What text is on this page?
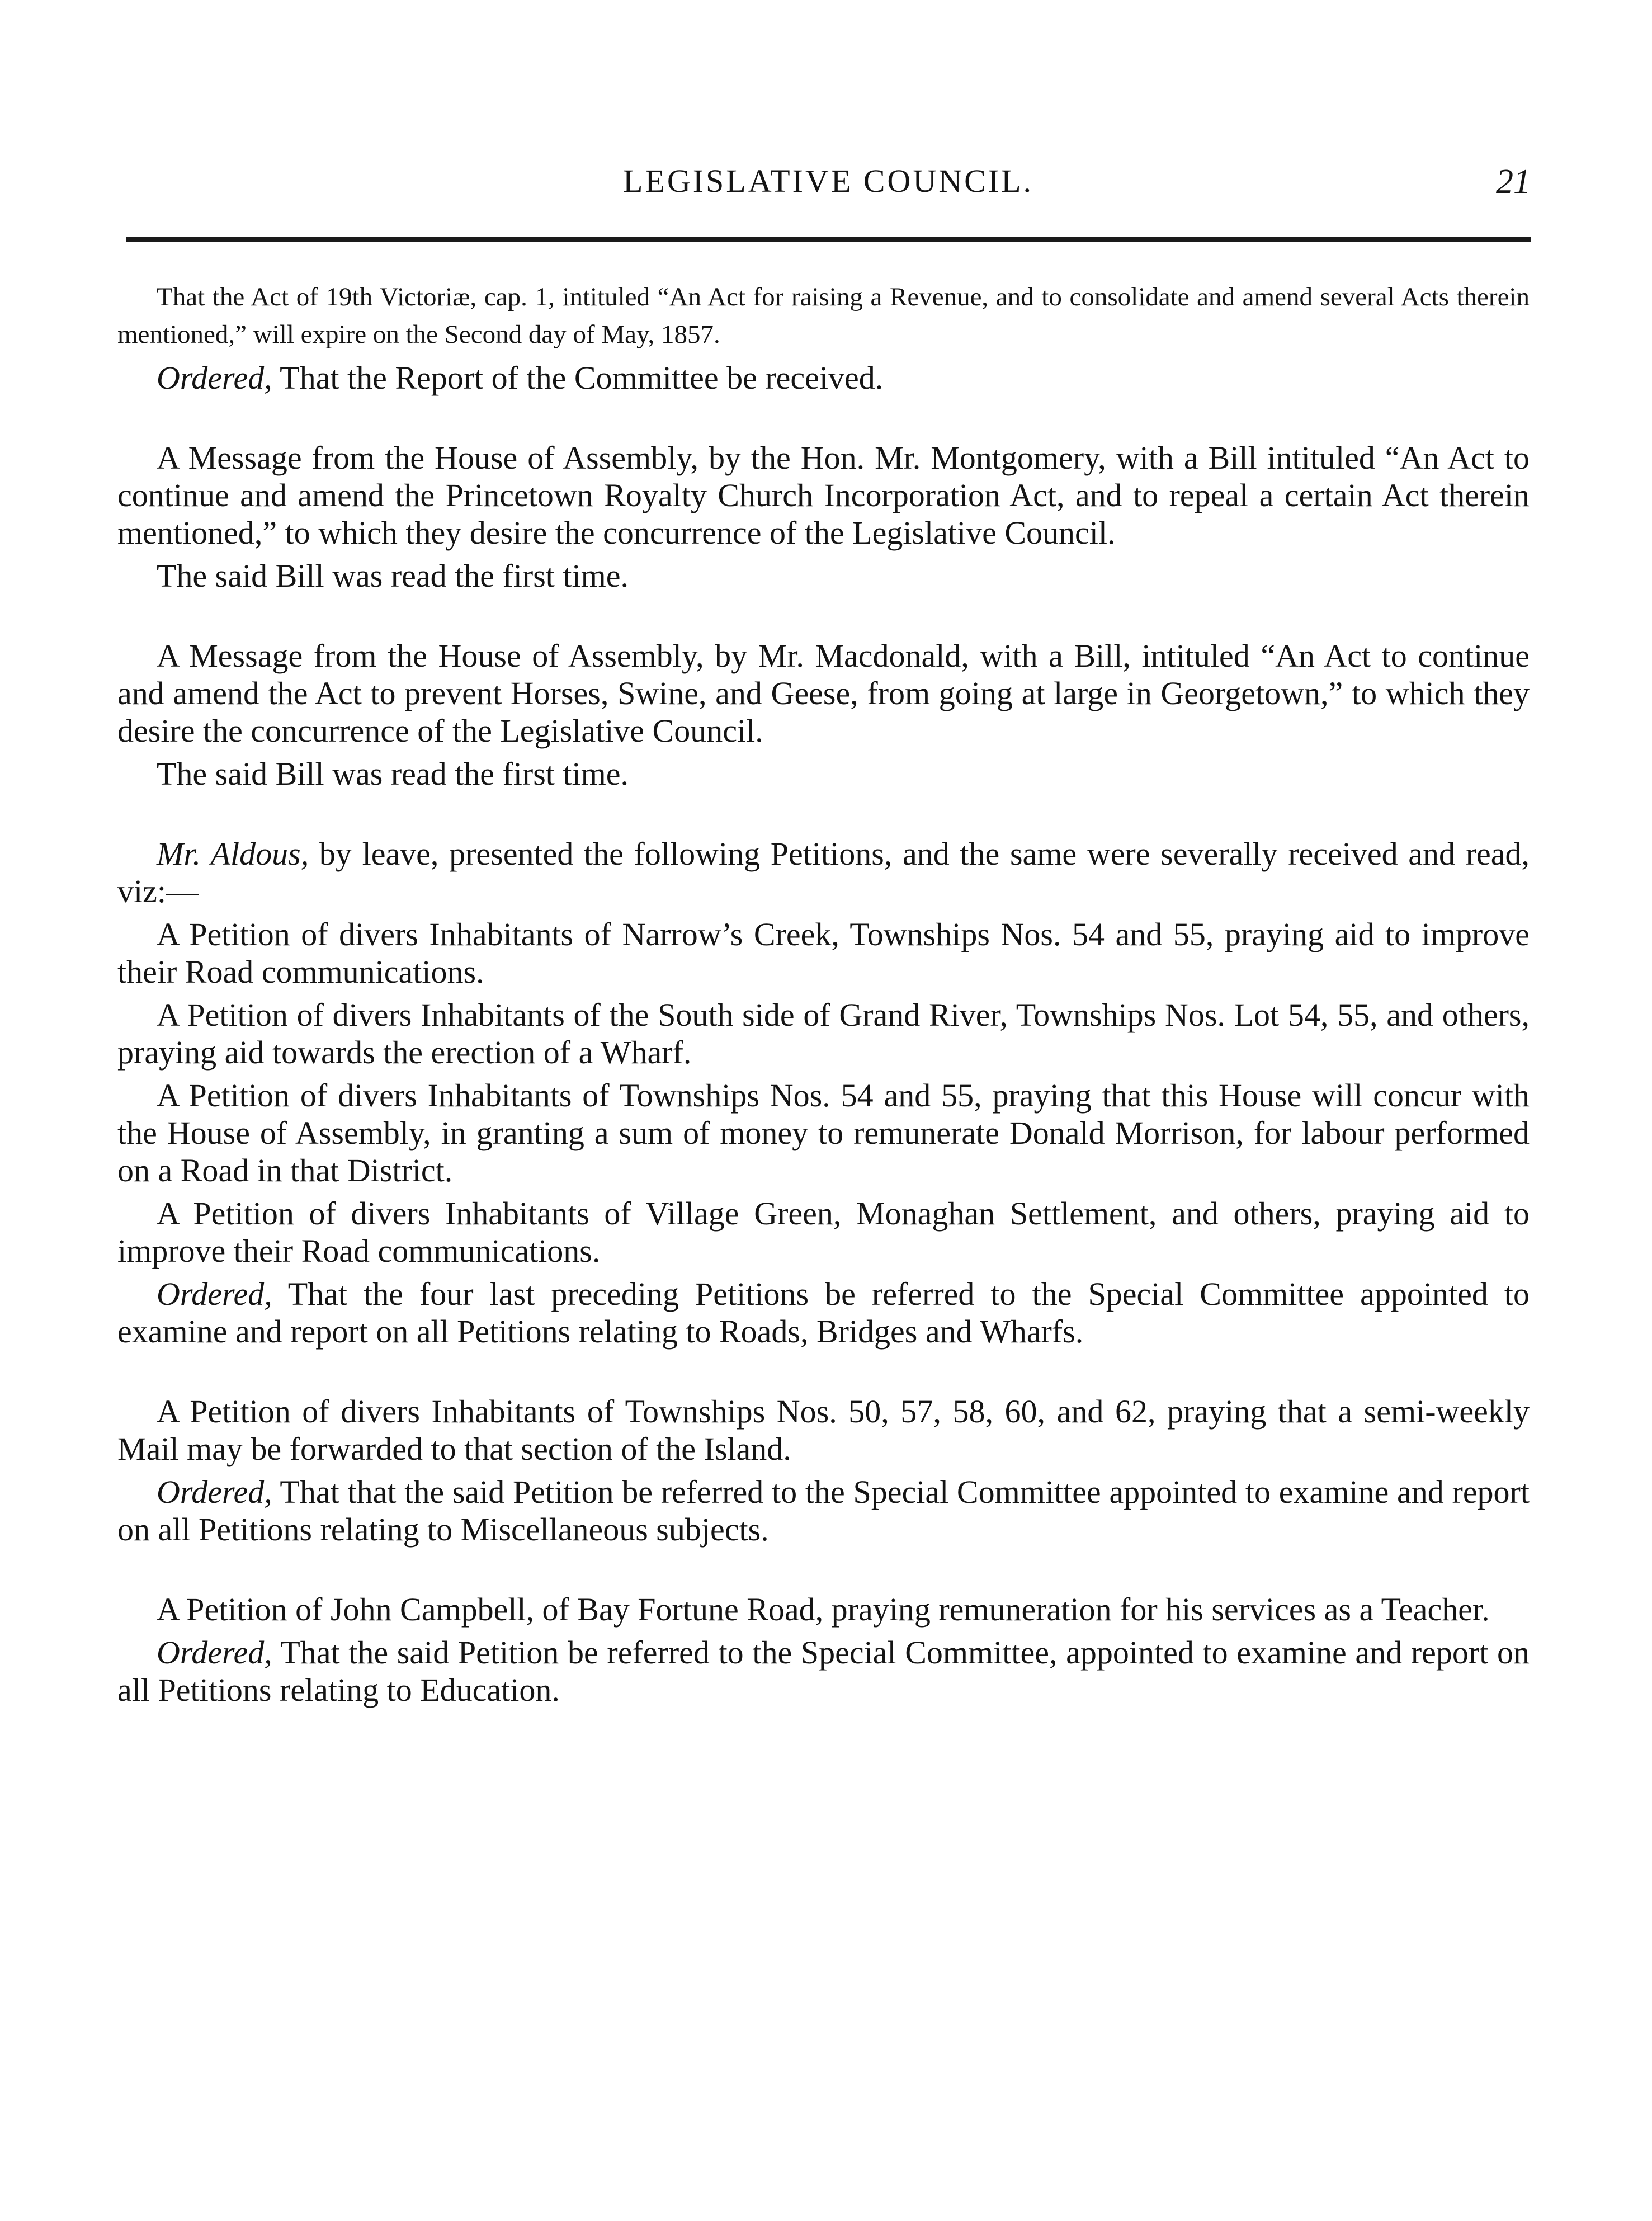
LEGISLATIVE COUNCIL.	21

That the Act of 19th Victoriæ, cap. 1, intituled “An Act for raising a Revenue, and to consolidate and amend several Acts therein mentioned,” will expire on the Second day of May, 1857.

Ordered, That the Report of the Committee be received.

A Message from the House of Assembly, by the Hon. Mr. Montgomery, with a Bill intituled “An Act to continue and amend the Princetown Royalty Church Incorporation Act, and to repeal a certain Act therein mentioned,” to which they desire the concurrence of the Legislative Council.

The said Bill was read the first time.

A Message from the House of Assembly, by Mr. Macdonald, with a Bill, intituled “An Act to continue and amend the Act to prevent Horses, Swine, and Geese, from going at large in Georgetown,” to which they desire the concurrence of the Legislative Council.

The said Bill was read the first time.

Mr. Aldous, by leave, presented the following Petitions, and the same were severally received and read, viz:—

A Petition of divers Inhabitants of Narrow’s Creek, Townships Nos. 54 and 55, praying aid to improve their Road communications.

A Petition of divers Inhabitants of the South side of Grand River, Townships Nos. Lot 54, 55, and others, praying aid towards the erection of a Wharf.

A Petition of divers Inhabitants of Townships Nos. 54 and 55, praying that this House will concur with the House of Assembly, in granting a sum of money to remunerate Donald Morrison, for labour performed on a Road in that District.

A Petition of divers Inhabitants of Village Green, Monaghan Settlement, and others, praying aid to improve their Road communications.

Ordered, That the four last preceding Petitions be referred to the Special Committee appointed to examine and report on all Petitions relating to Roads, Bridges and Wharfs.

A Petition of divers Inhabitants of Townships Nos. 50, 57, 58, 60, and 62, praying that a semi-weekly Mail may be forwarded to that section of the Island.

Ordered, That that the said Petition be referred to the Special Committee appointed to examine and report on all Petitions relating to Miscellaneous subjects.

A Petition of John Campbell, of Bay Fortune Road, praying remuneration for his services as a Teacher.

Ordered, That the said Petition be referred to the Special Committee, appointed to examine and report on all Petitions relating to Education.
